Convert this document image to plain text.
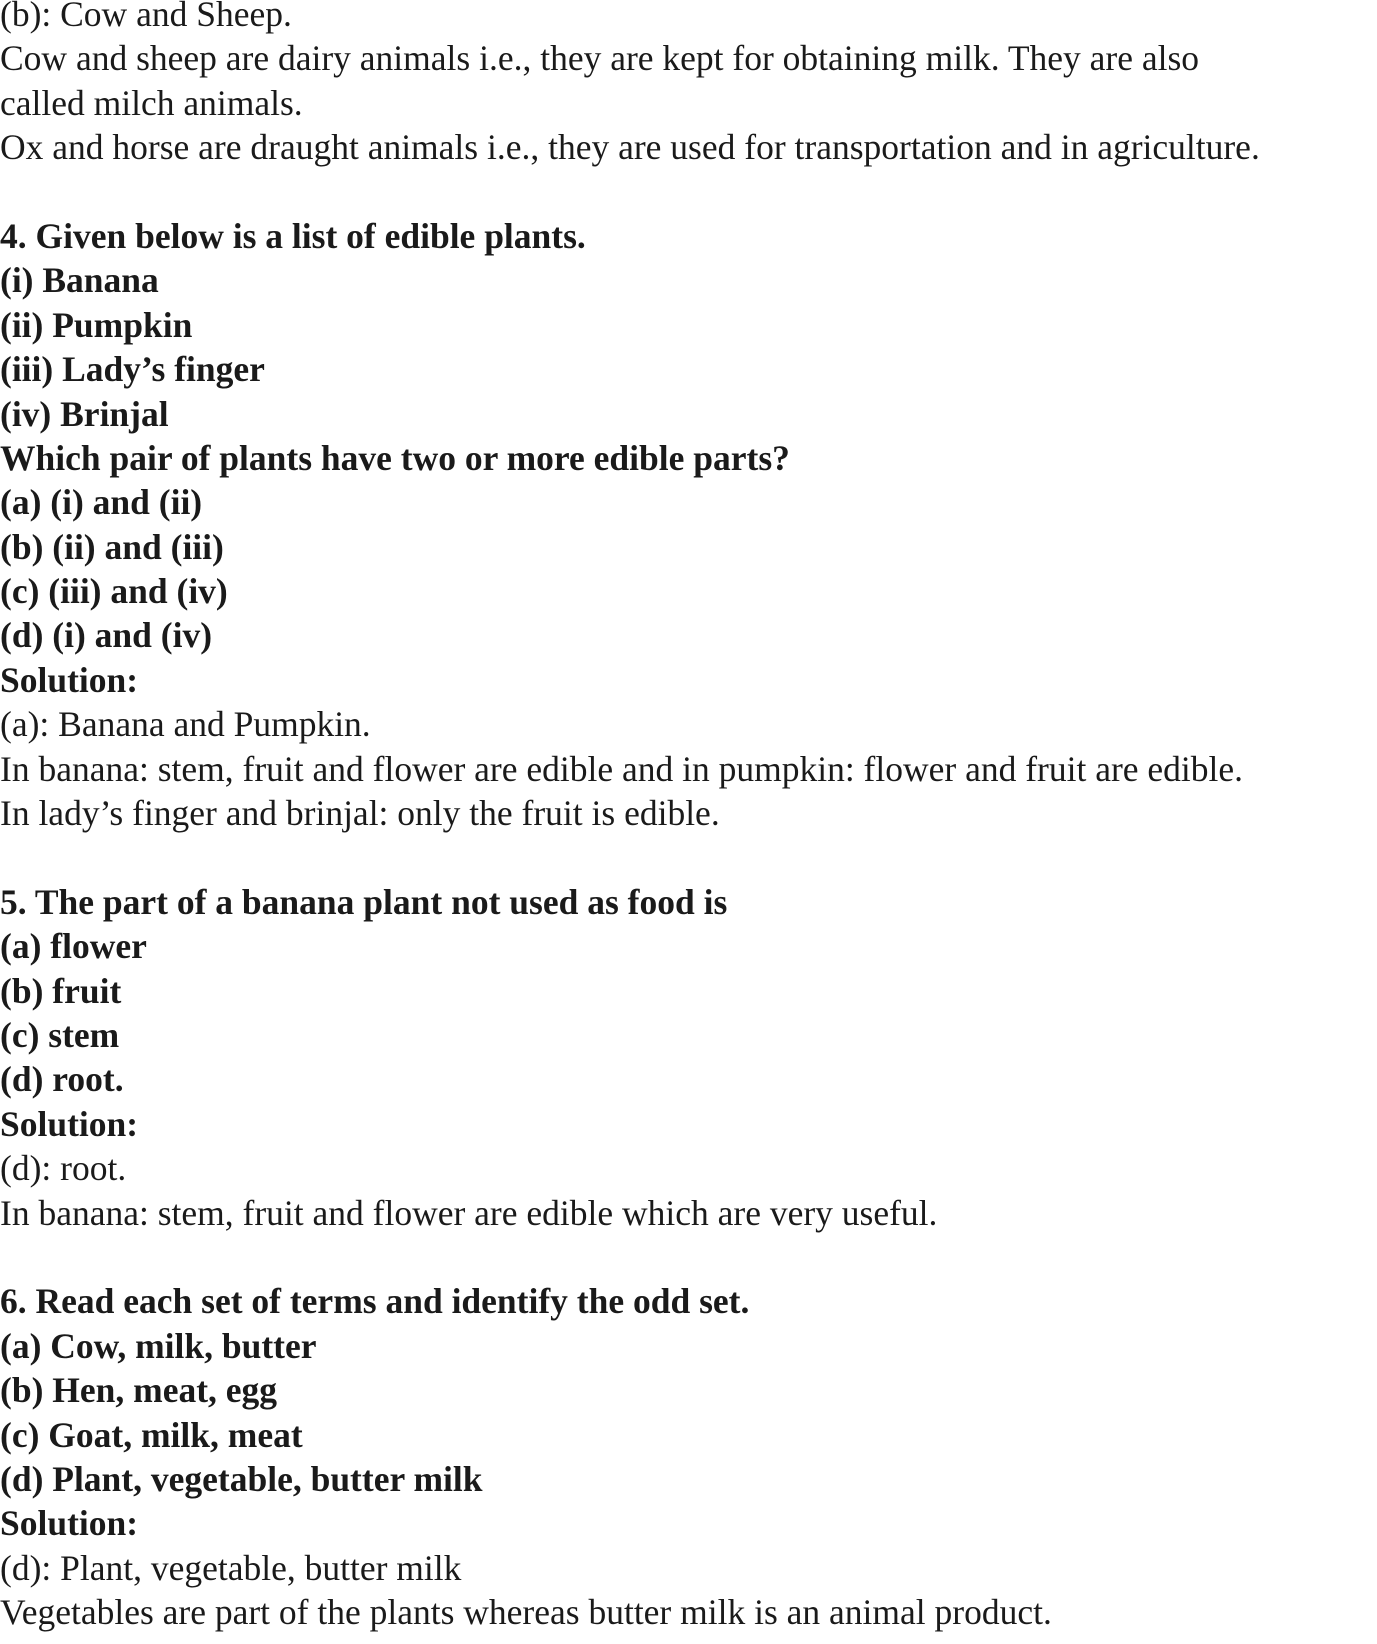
(b): Cow and Sheep.
Cow and sheep are dairy animals i.e., they are kept for obtaining milk. They are also
called milch animals.
Ox and horse are draught animals i.e., they are used for transportation and in agriculture.
4. Given below is a list of edible plants.
(i) Banana
(ii) Pumpkin
(iii) Lady’s finger
(iv) Brinjal
Which pair of plants have two or more edible parts?
(a) (i) and (ii)
(b) (ii) and (iii)
(c) (iii) and (iv)
(d) (i) and (iv)
Solution:
(a): Banana and Pumpkin.
In banana: stem, fruit and flower are edible and in pumpkin: flower and fruit are edible.
In lady’s finger and brinjal: only the fruit is edible.
5. The part of a banana plant not used as food is
(a) flower
(b) fruit
(c) stem
(d) root.
Solution:
(d): root.
In banana: stem, fruit and flower are edible which are very useful.
6. Read each set of terms and identify the odd set.
(a) Cow, milk, butter
(b) Hen, meat, egg
(c) Goat, milk, meat
(d) Plant, vegetable, butter milk
Solution:
(d): Plant, vegetable, butter milk
Vegetables are part of the plants whereas butter milk is an animal product.
